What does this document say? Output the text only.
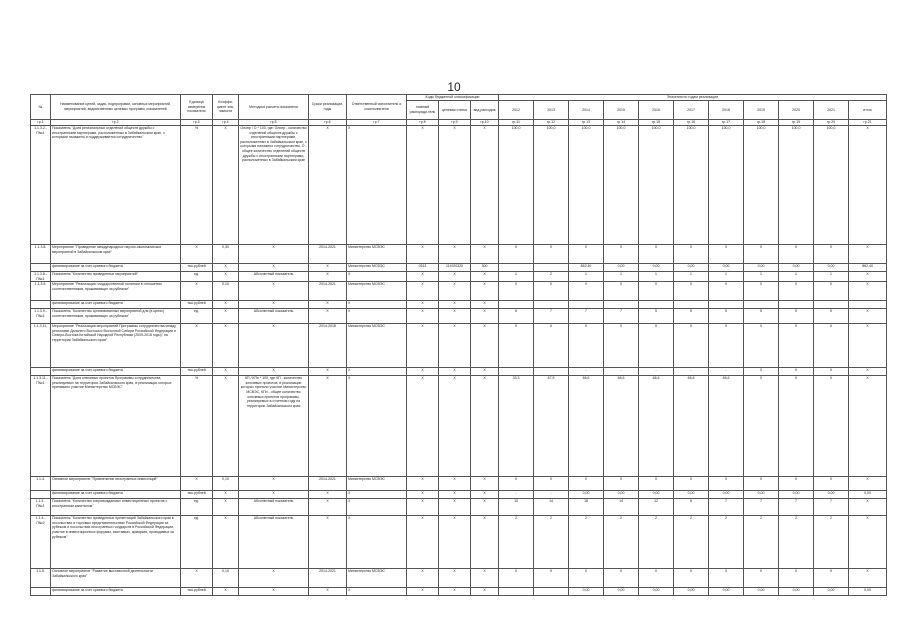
10
№	Наименование целей, задач, подпрограмм, основных мероприятий, мероприятий, ведомственных целевых программ, показателей	Единица измерения показателя	Коэффи-циент зна-чимости	Методика расчета показателя	Сроки реализации, годы	Ответственный исполнитель и соисполнители	Коды бюджетной классификации			Значения по годам реализации										
							главный распоряди-тель	целевая статья	вид расходов	2012	2013	2014	2015	2016	2017	2018	2019	2020	2021	итого
гр.1	гр.2	гр.3	гр.4	гр.5	гр.6	гр.7	гр.8	гр.9	гр.10	гр.11	гр.12	гр.13	гр.14	гр.15	гр.16	гр.17	гр.18	гр.19	гр.20	гр.21
1.1.3.2.-П№1	Показатель "Доля региональных отделений обществ дружбы с иностранными партнерами, расположенных в Забайкальском крае, с которыми налажено и поддерживается сотрудничество"	%	Х	Олопр / О * 100, где: Олопр - количество отделений обществ дружбы с иностранными партнерами, расположенных в Забайкальском крае, с которыми налажено сотрудничество, О - общее количество отделений обществ дружбы с иностранными партнерами, расположенных в Забайкальском крае	Х	Х	Х	Х	Х	100,0	100,0	100,0	100,0	100,0	100,0	100,0	100,0	100,0	100,0	Х
1.1.3.8.	Мероприятие "Проведение международных научно-экономических мероприятий в Забайкальском крае"	Х	0,30	Х	2014-2021	Министерство МСВЭС	Х	Х	Х	Х	Х	Х	Х	Х	Х	Х	Х	Х	Х	Х
	финансирование за счет краевого бюджета	тыс.рублей	Х	Х	Х	Министерство МСВЭС	0313	111020320	300			862,40	0,00	0,00	0,00	0,00	0,00	0,00	0,00	862,40
1.1.3.8.-П№1	Показатель "Количество проведенных мероприятий"	ед.	Х	Абсолютный показатель	Х	Х	Х	Х	Х	1	2	1	1	1	1	1	1	1	1	Х
1.1.3.9.	Мероприятие "Реализация государственной политики в отношении соотечественников, проживающих за рубежом"	Х	0,10	Х	2014-2021	Министерство МСВЭС	Х	Х	Х	Х	Х	Х	Х	Х	Х	Х	Х	Х	Х	Х
	финансирование за счет краевого бюджета	тыс.рублей	Х	Х	Х	Х	Х	Х	Х											
1.1.3.9.-П№1	Показатель "Количество организованных мероприятий для (в целях) соотечественников, проживающих за рубежом"	ед.	Х	Абсолютный показатель	Х	Х	Х	Х	Х	6	7	7	7	5	5	5	5	5	5	Х
1.1.3.11.	Мероприятие "Реализация мероприятий Программы сотрудничества между регионами Дальнего Востока и Восточной Сибири Российской Федерации и Северо-Востока Китайской Народной Республики (2009-2018 годы)" на территории Забайкальского края"	Х	Х	Х	2014-2018	Министерство МСВЭС	Х	Х	Х	Х	Х	Х	Х	Х	Х	Х	Х	Х	Х	Х
	финансирование за счет краевого бюджета	тыс.рублей	Х	Х	Х	Х	Х	Х	Х			-	-	-	-	-	Х	Х	Х	Х
1.1.3.11.-П№1	Показатель "Доля ключевых проектов Программы сотрудничества, реализуемых на территории Забайкальского края, в реализации которых принимало участие Министерство МСВЭС"	%	Х	КП / КПн * 100, где КП - количество ключевых проектов, в реализации которых приняло участие Министерство МСВЭС, КПн - общее количество ключевых проектов программы, реализуемых в отчетном году на территории Забайкальского края	Х	Х	Х	Х	Х	33,3	67,5	66,6	66,6	66,6	66,6	66,6	Х	Х	Х	Х
1.1.4.	Основное мероприятие "Привлечение иностранных инвестиций"	Х	0,10	Х	2014-2021	Министерство МСВЭС	Х	Х	Х	Х	Х	Х	Х	Х	Х	Х	Х	Х	Х	Х
	финансирование за счет краевого бюджета	тыс.рублей	Х	Х	Х	Х	Х	Х	Х	-	-	0,00	0,00	0,00	0,00	0,00	0,00	0,00	0,00	0,00
1.1.4.-П№1	Показатель "Количество сопровождаемых инвестиционных проектов с иностранным капиталом"	ед.	Х	Абсолютный показатель	Х	Х	Х	Х	Х	10	14	18	14	12	8	7	7	7	7	Х
1.1.4.-П№2	Показатель "Количество проведенных презентаций Забайкальского края в посольствах и торговых представительствах Российской Федерации за рубежом и посольствах иностранных государств в Российской Федерации, участие в инвестиционных форумах, выставках, ярмарках, проводимых за рубежом"	ед.	Х	Абсолютный показатель	Х	Х	Х	Х	Х	2	2	2	2	2	2	2	2	2	2	Х
1.1.5.	Основное мероприятие "Развитие выставочной деятельности Забайкальского края"	Х	0,10	Х	2014-2021	Министерство МСВЭС	Х	Х	Х	Х	Х	Х	Х	Х	Х	Х	Х	Х	Х	Х
	финансирование за счет краевого бюджета	тыс.рублей	Х	Х	Х	Х	Х	Х	Х			0,00	0,00	0,00	0,00	0,00	0,00	0,00	0,00	0,00
